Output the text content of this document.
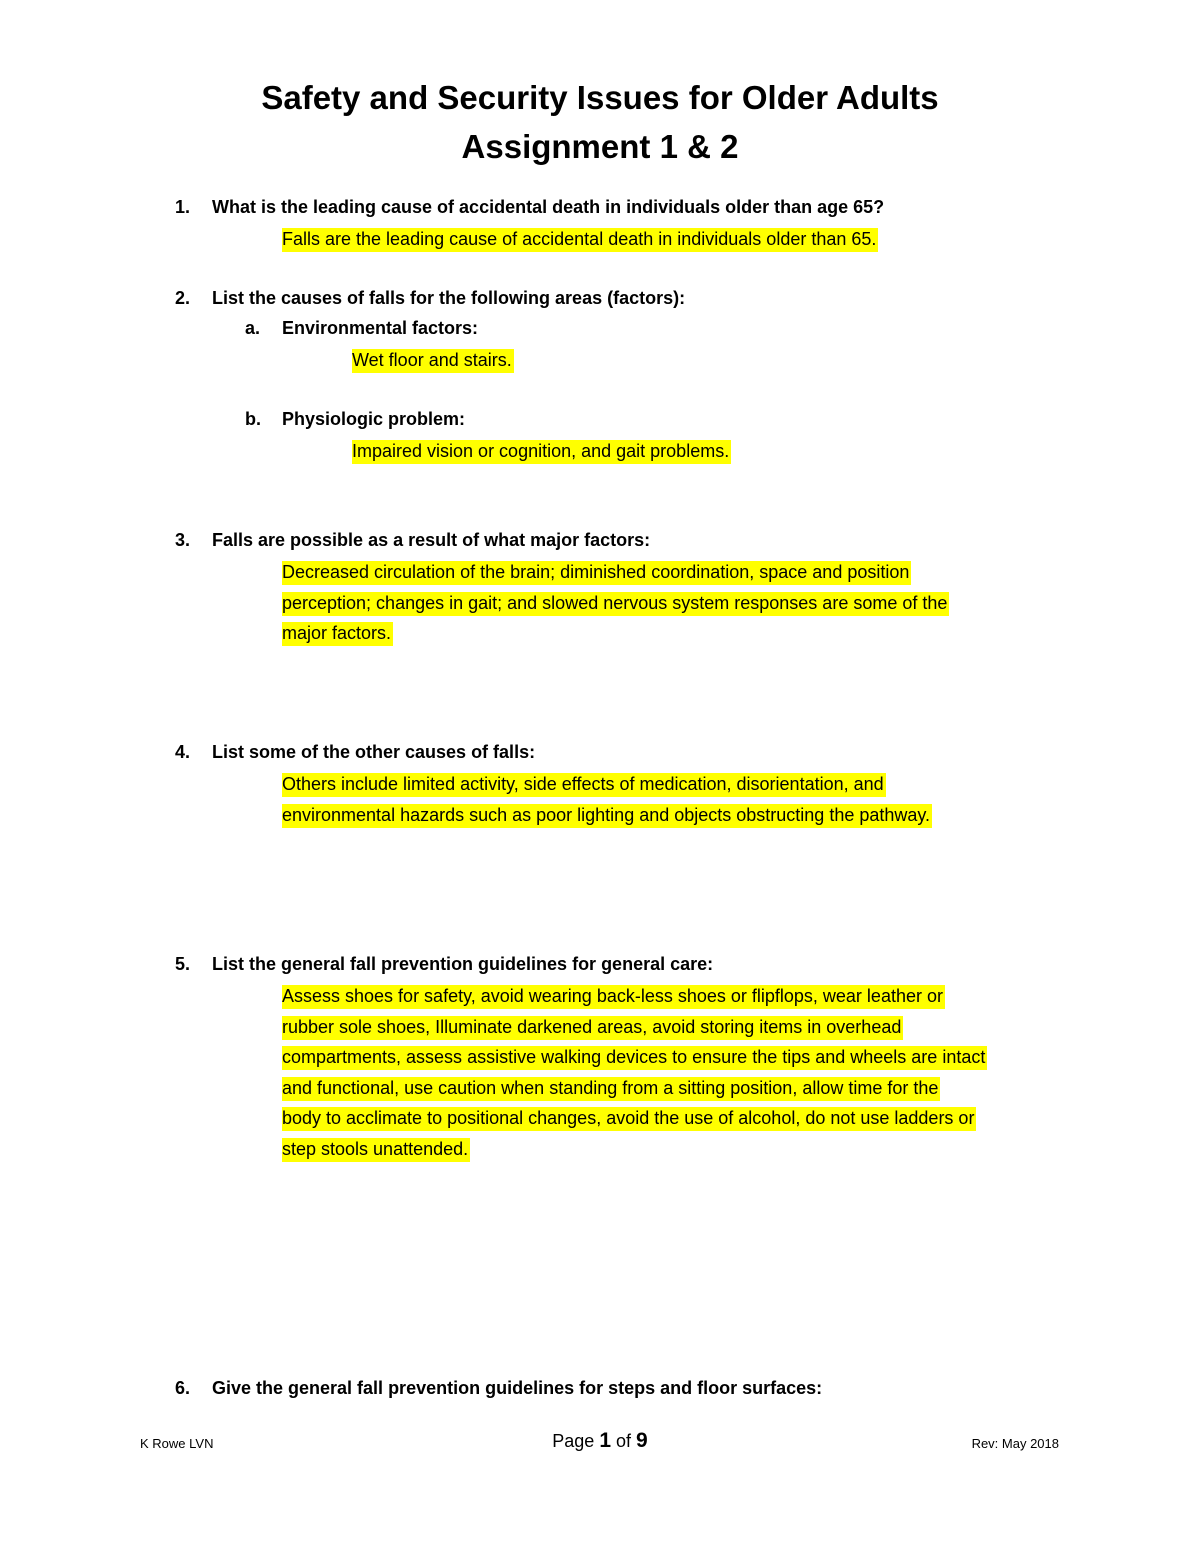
Safety and Security Issues for Older Adults
Assignment 1 & 2
1. What is the leading cause of accidental death in individuals older than age 65?
Falls are the leading cause of accidental death in individuals older than 65.
2. List the causes of falls for the following areas (factors):
a. Environmental factors:
Wet floor and stairs.
b. Physiologic problem:
Impaired vision or cognition, and gait problems.
3. Falls are possible as a result of what major factors:
Decreased circulation of the brain; diminished coordination, space and position
perception; changes in gait; and slowed nervous system responses are some of the
major factors.
4. List some of the other causes of falls:
Others include limited activity, side effects of medication, disorientation, and
environmental hazards such as poor lighting and objects obstructing the pathway.
5. List the general fall prevention guidelines for general care:
Assess shoes for safety, avoid wearing back-less shoes or flipflops, wear leather or
rubber sole shoes, Illuminate darkened areas, avoid storing items in overhead
compartments, assess assistive walking devices to ensure the tips and wheels are intact
and functional, use caution when standing from a sitting position, allow time for the
body to acclimate to positional changes, avoid the use of alcohol, do not use ladders or
step stools unattended.
6. Give the general fall prevention guidelines for steps and floor surfaces:
K Rowe LVN	Page 1 of 9	Rev: May 2018
